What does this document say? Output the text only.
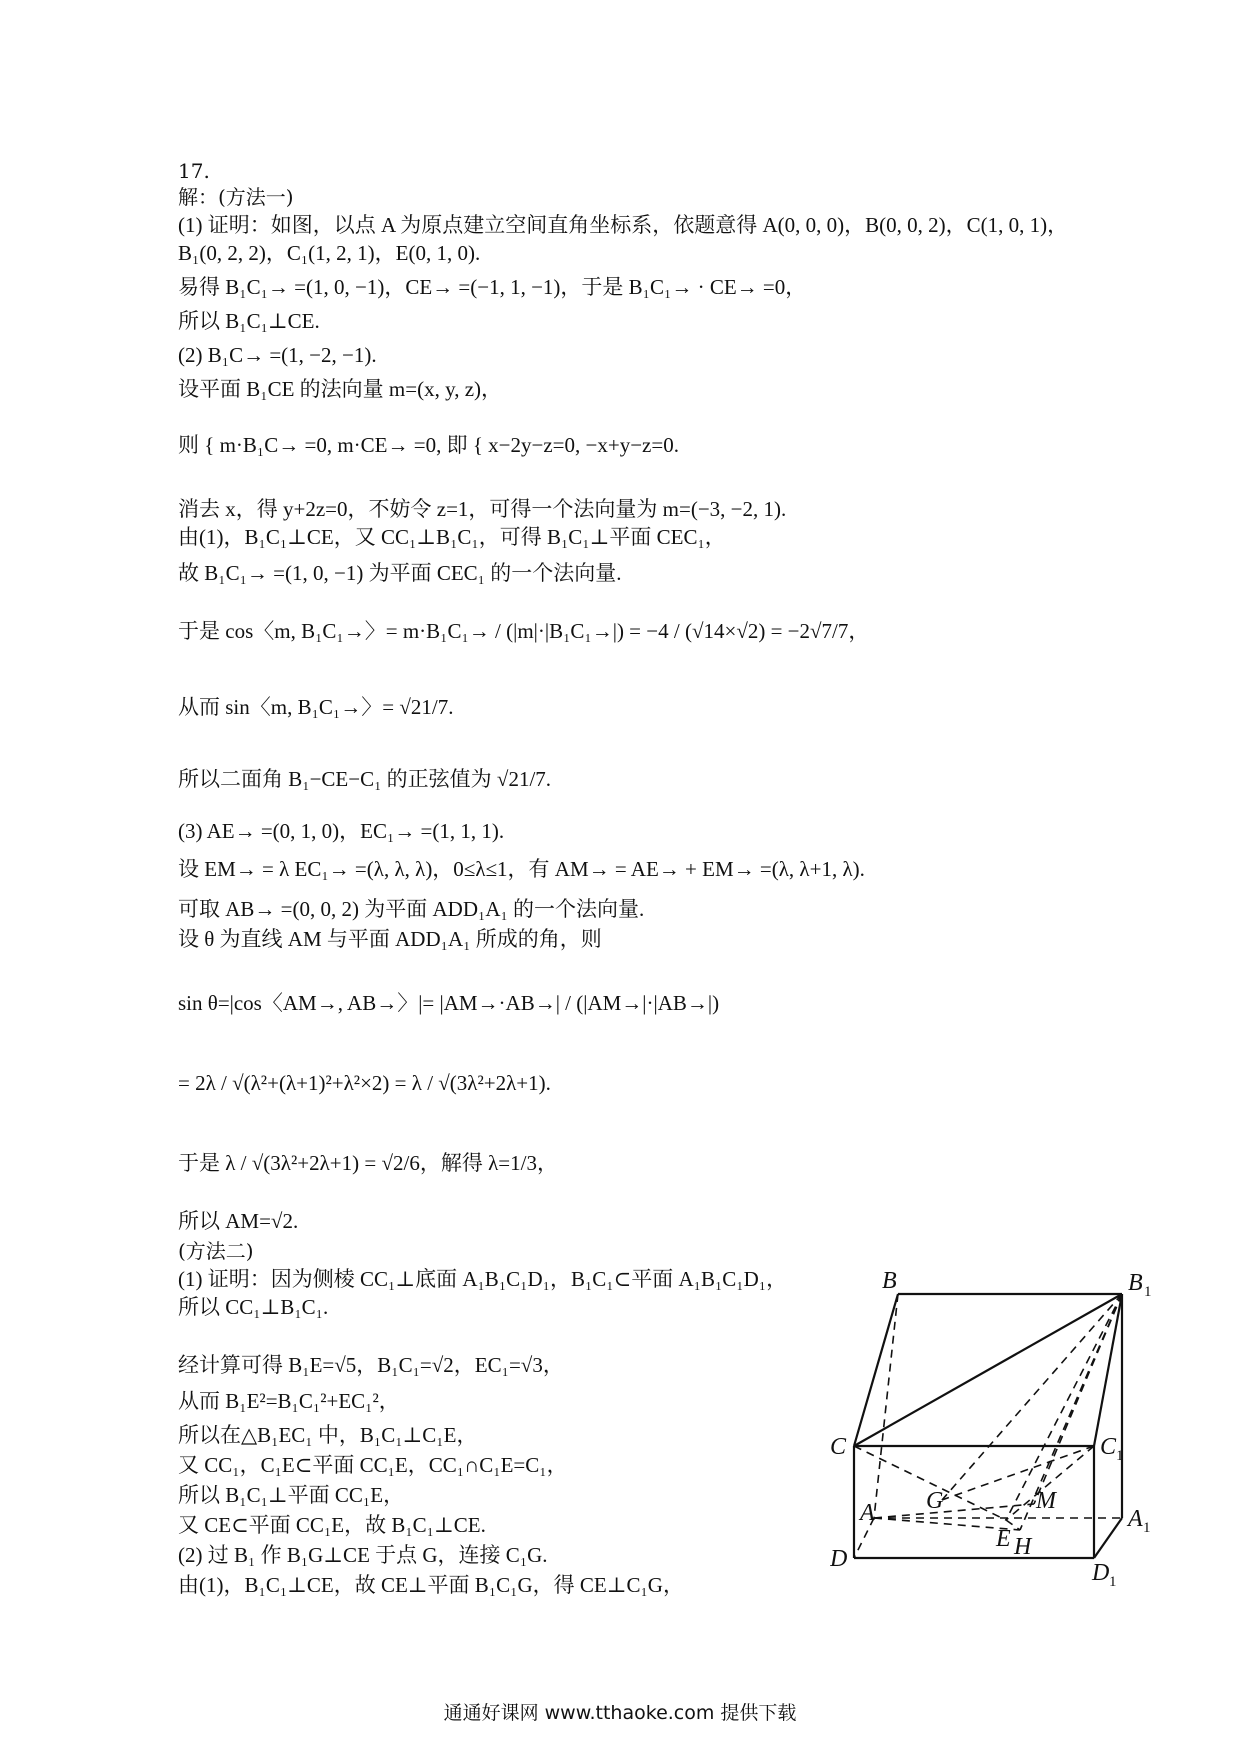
17.
解：(方法一)
(1) 证明：如图，以点 A 为原点建立空间直角坐标系，依题意得 A(0, 0, 0)，B(0, 0, 2)，C(1, 0, 1)，
B₁(0, 2, 2)，C₁(1, 2, 1)，E(0, 1, 0).
易得 B₁C₁→ =(1, 0, −1)，CE→ =(−1, 1, −1)，于是 B₁C₁→ · CE→ =0，
所以 B₁C₁⊥CE.
(2) B₁C→ =(1, −2, −1).
设平面 B₁CE 的法向量 m=(x, y, z)，
则 { m·B₁C→ =0, m·CE→ =0, 即 { x−2y−z=0, −x+y−z=0.
消去 x，得 y+2z=0，不妨令 z=1，可得一个法向量为 m=(−3, −2, 1).
由(1)，B₁C₁⊥CE，又 CC₁⊥B₁C₁，可得 B₁C₁⊥平面 CEC₁，
故 B₁C₁→ =(1, 0, −1) 为平面 CEC₁ 的一个法向量.
于是 cos〈m, B₁C₁→〉= m·B₁C₁→ / (|m|·|B₁C₁→|) = −4 / (√14×√2) = −2√7/7，
从而 sin〈m, B₁C₁→〉= √21/7.
所以二面角 B₁−CE−C₁ 的正弦值为 √21/7.
(3) AE→ =(0, 1, 0)，EC₁→ =(1, 1, 1).
设 EM→ = λ EC₁→ =(λ, λ, λ)，0≤λ≤1，有 AM→ = AE→ + EM→ =(λ, λ+1, λ).
可取 AB→ =(0, 0, 2) 为平面 ADD₁A₁ 的一个法向量.
设 θ 为直线 AM 与平面 ADD₁A₁ 所成的角，则
sin θ=|cos〈AM→, AB→〉|= |AM→·AB→| / (|AM→|·|AB→|)
= 2λ / √(λ²+(λ+1)²+λ²×2) = λ / √(3λ²+2λ+1).
于是 λ / √(3λ²+2λ+1) = √2/6，解得 λ=1/3，
所以 AM=√2.
(方法二)
(1) 证明：因为侧棱 CC₁⊥底面 A₁B₁C₁D₁，B₁C₁⊂平面 A₁B₁C₁D₁，
所以 CC₁⊥B₁C₁.
经计算可得 B₁E=√5，B₁C₁=√2，EC₁=√3，
从而 B₁E²=B₁C₁²+EC₁²，
所以在△B₁EC₁ 中，B₁C₁⊥C₁E，
又 CC₁，C₁E⊂平面 CC₁E，CC₁∩C₁E=C₁，
所以 B₁C₁⊥平面 CC₁E，
又 CE⊂平面 CC₁E，故 B₁C₁⊥CE.
(2) 过 B₁ 作 B₁G⊥CE 于点 G，连接 C₁G.
由(1)，B₁C₁⊥CE，故 CE⊥平面 B₁C₁G，得 CE⊥C₁G，
B	B 1
C	C 1
A	A 1
D
D 1
G	M
E H
通通好课网 www.tthaoke.com 提供下载
